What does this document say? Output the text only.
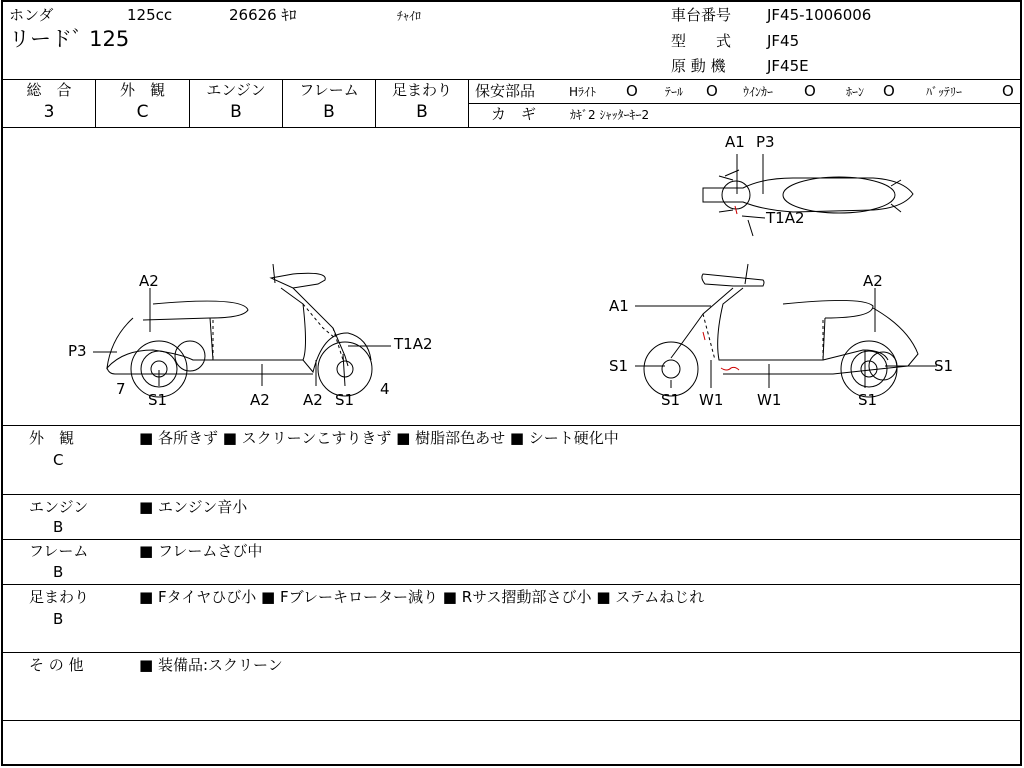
ホンダ	125cc	26626 ｷﾛ	ﾁｬｲﾛ
リードﾞ 125
車台番号 JF45-1006006
型　　式 JF45
原 動 機	JF45E
総　合
3
外　観
C
エンジン
B
フレーム
B
足まわり
B
保安部品	Hﾗｲﾄ O ﾃｰﾙ O ｳｲﾝｶｰ O	ﾎｰﾝ O	ﾊﾞｯﾃﾘｰ	O
カ　ギ	ｶｷﾞ2 ｼｬｯﾀｰｷｰ2
A2
P3
7
T1A2
4
S1	A2 A2 S1
A1
A2
S1	S1
S1 W1 W1	S1
A1 P3
T1A2
外　観
C
■ 各所きず ■ スクリーンこすりきず ■ 樹脂部色あせ ■ シート硬化中
エンジン
B
■ エンジン音小
フレーム
B
■ フレームさび中
足まわり
B
■ Fタイヤひび小 ■ Fブレーキローター減り ■ Rサス摺動部さび小 ■ ステムねじれ
そ の 他
■	装備品:スクリーン
